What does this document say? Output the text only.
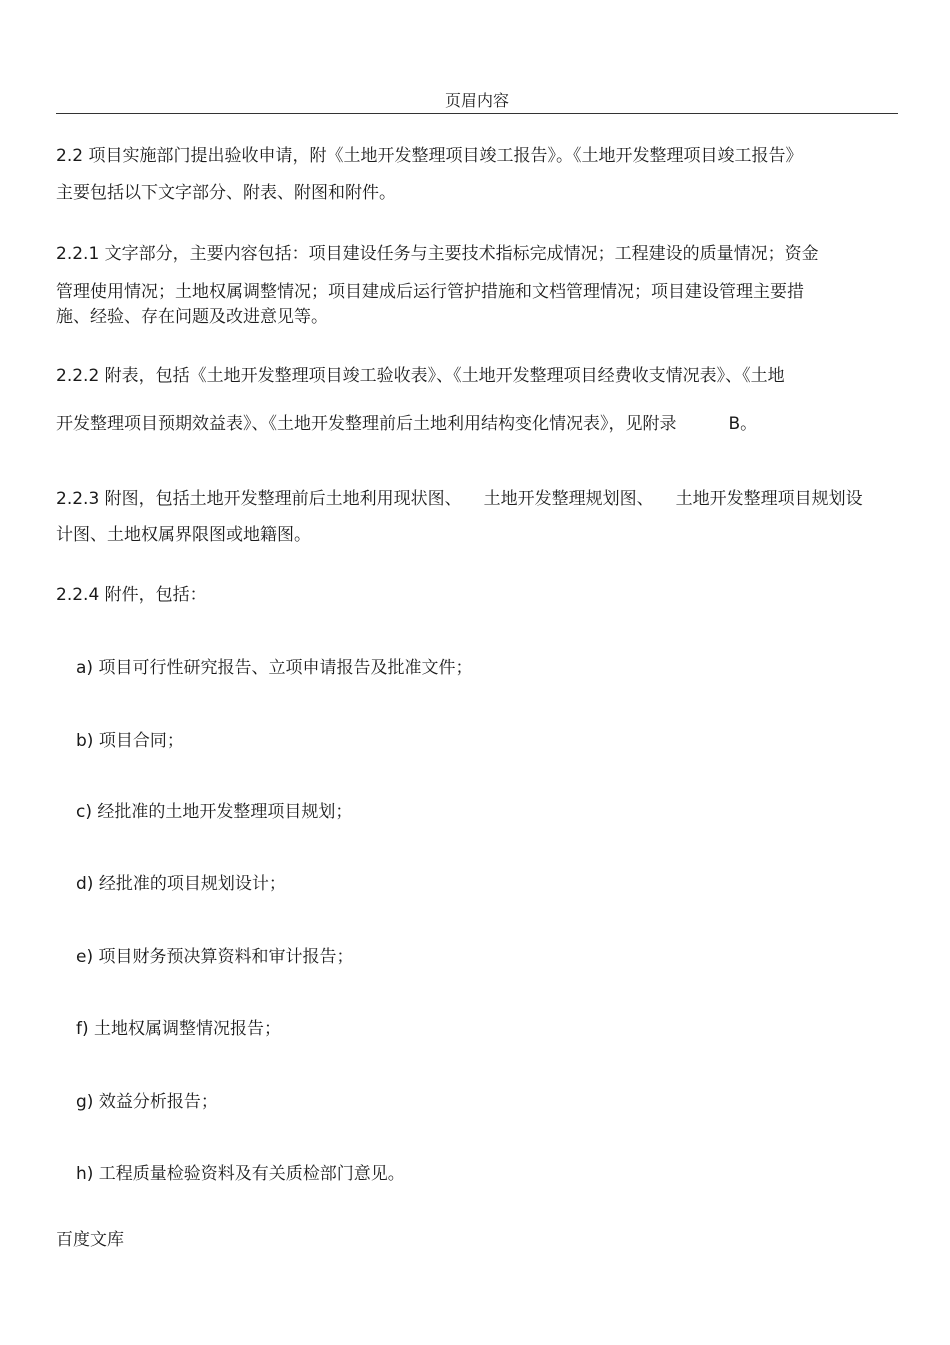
页眉内容
2.2 项目实施部门提出验收申请，附《土地开发整理项目竣工报告》。《土地开发整理项目竣工报告》
主要包括以下文字部分、附表、附图和附件。
2.2.1 文字部分，主要内容包括：项目建设任务与主要技术指标完成情况；工程建设的质量情况；资金
管理使用情况；土地权属调整情况；项目建成后运行管护措施和文档管理情况；项目建设管理主要措
施、经验、存在问题及改进意见等。
2.2.2 附表，包括《土地开发整理项目竣工验收表》、《土地开发整理项目经费收支情况表》、《土地
开发整理项目预期效益表》、《土地开发整理前后土地利用结构变化情况表》，见附录	B。
2.2.3 附图，包括土地开发整理前后土地利用现状图、 土地开发整理规划图、 土地开发整理项目规划设
计图、土地权属界限图或地籍图。
2.2.4 附件，包括：
a) 项目可行性研究报告、立项申请报告及批准文件；
b) 项目合同；
c) 经批准的土地开发整理项目规划；
d) 经批准的项目规划设计；
e) 项目财务预决算资料和审计报告；
f) 土地权属调整情况报告；
g) 效益分析报告；
h) 工程质量检验资料及有关质检部门意见。
百度文库
